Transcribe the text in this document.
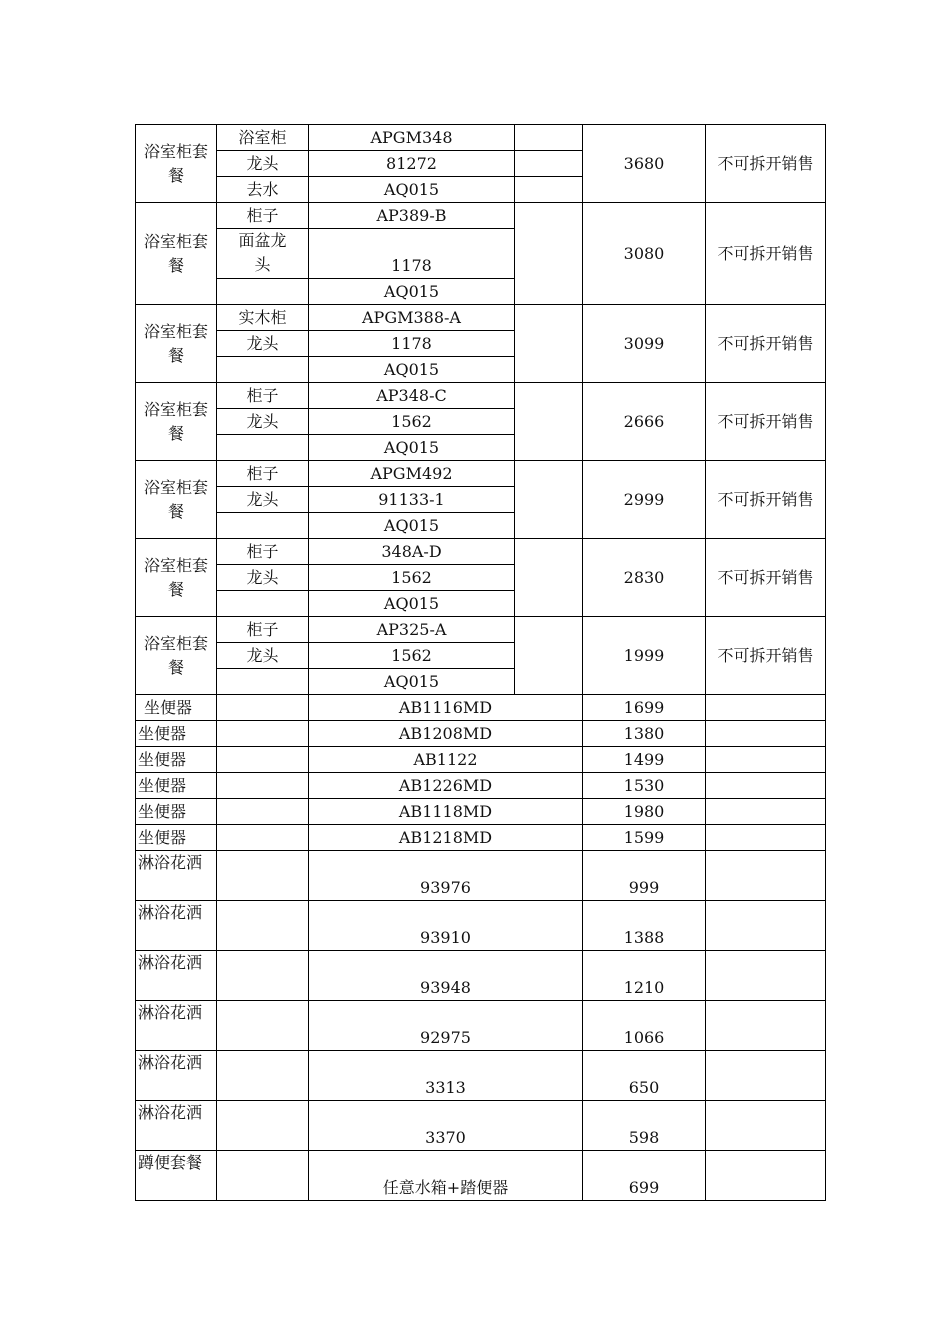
浴室柜套餐	浴室柜	APGM348		3680	不可拆开销售
	龙头	81272			
	去水	AQ015			
浴室柜套餐	柜子	AP389-B		3080	不可拆开销售
	面盆龙头	1178			
		AQ015			
浴室柜套餐	实木柜	APGM388-A		3099	不可拆开销售
	龙头	1178			
		AQ015			
浴室柜套餐	柜子	AP348-C		2666	不可拆开销售
	龙头	1562			
		AQ015			
浴室柜套餐	柜子	APGM492		2999	不可拆开销售
	龙头	91133-1			
		AQ015			
浴室柜套餐	柜子	348A-D		2830	不可拆开销售
	龙头	1562			
		AQ015			
浴室柜套餐	柜子	AP325-A		1999	不可拆开销售
	龙头	1562			
		AQ015			
坐便器		AB1116MD		1699	
坐便器		AB1208MD		1380	
坐便器		AB1122		1499	
坐便器		AB1226MD		1530	
坐便器		AB1118MD		1980	
坐便器		AB1218MD		1599	
淋浴花洒		93976		999	
淋浴花洒		93910		1388	
淋浴花洒		93948		1210	
淋浴花洒		92975		1066	
淋浴花洒		3313		650	
淋浴花洒		3370		598	
蹲便套餐		任意水箱+踏便器		699	
